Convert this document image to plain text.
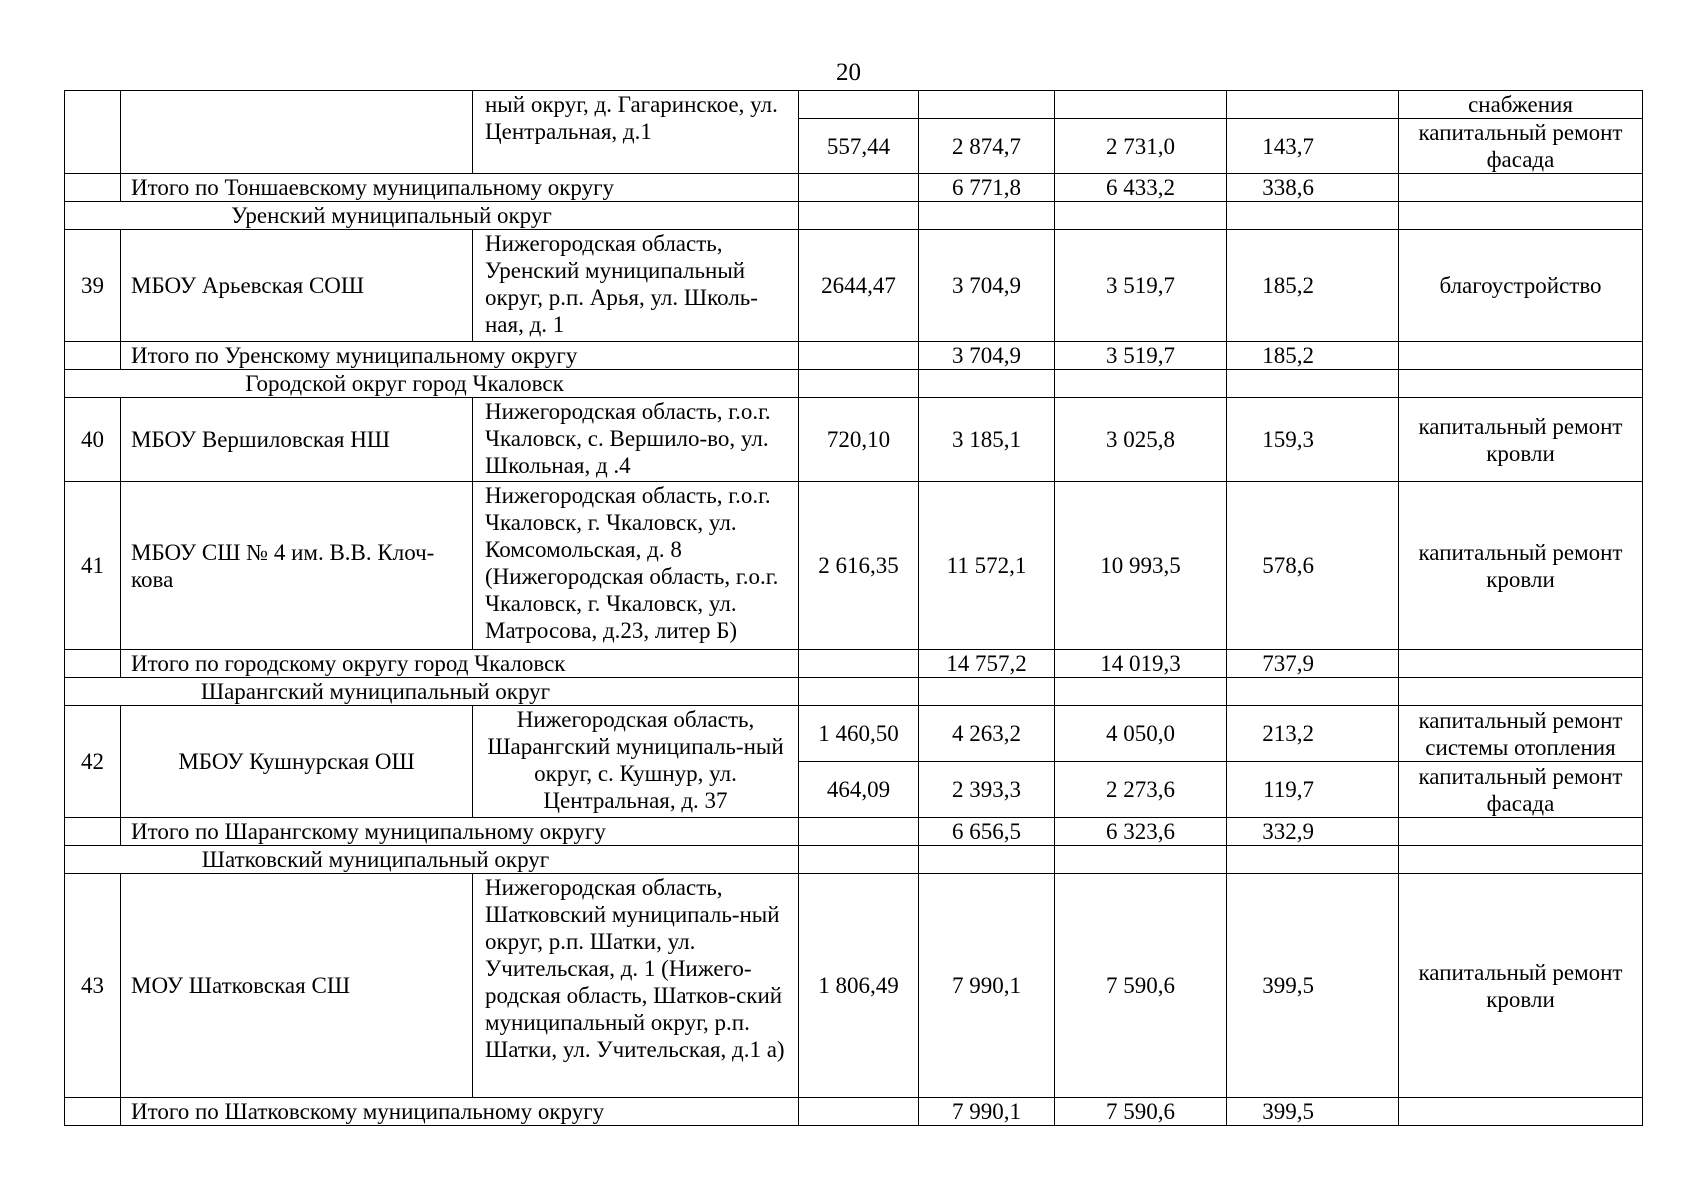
20
		ный округ, д. Гагаринское, ул. Центральная, д.1					снабжения
			557,44	2 874,7	2 731,0	143,7	капитальный ремонт фасада
	Итого по Тоншаевскому муниципальному округу			6 771,8	6 433,2	338,6	
Уренский муниципальный округ							
39	МБОУ Арьевская СОШ	Нижегородская область, Уренский муниципальный округ, р.п. Арья, ул. Школь-ная, д. 1	2644,47	3 704,9	3 519,7	185,2	благоустройство
	Итого по Уренскому муниципальному округу			3 704,9	3 519,7	185,2	
Городской округ город Чкаловск							
40	МБОУ Вершиловская НШ	Нижегородская область, г.о.г. Чкаловск, с. Вершило-во, ул. Школьная, д .4	720,10	3 185,1	3 025,8	159,3	капитальный ремонт кровли
41	МБОУ СШ № 4 им. В.В. Клоч-кова	Нижегородская область, г.о.г. Чкаловск, г. Чкаловск, ул. Комсомольская, д. 8 (Нижегородская область, г.о.г. Чкаловск, г. Чкаловск, ул. Матросова, д.23, литер Б)	2 616,35	11 572,1	10 993,5	578,6	капитальный ремонт кровли
	Итого по городскому округу город Чкаловск			14 757,2	14 019,3	737,9	
Шарангский муниципальный округ							
42	МБОУ Кушнурская ОШ	Нижегородская область, Шарангский муниципаль-ный округ, с. Кушнур, ул. Центральная, д. 37	1 460,50	4 263,2	4 050,0	213,2	капитальный ремонт системы отопления
			464,09	2 393,3	2 273,6	119,7	капитальный ремонт фасада
	Итого по Шарангскому муниципальному округу			6 656,5	6 323,6	332,9	
Шатковский муниципальный округ							
43	МОУ Шатковская СШ	Нижегородская область, Шатковский муниципаль-ный округ, р.п. Шатки, ул. Учительская, д. 1 (Нижего-родская область, Шатков-ский муниципальный округ, р.п. Шатки, ул. Учительская, д.1 а)	1 806,49	7 990,1	7 590,6	399,5	капитальный ремонт кровли
	Итого по Шатковскому муниципальному округу			7 990,1	7 590,6	399,5	
